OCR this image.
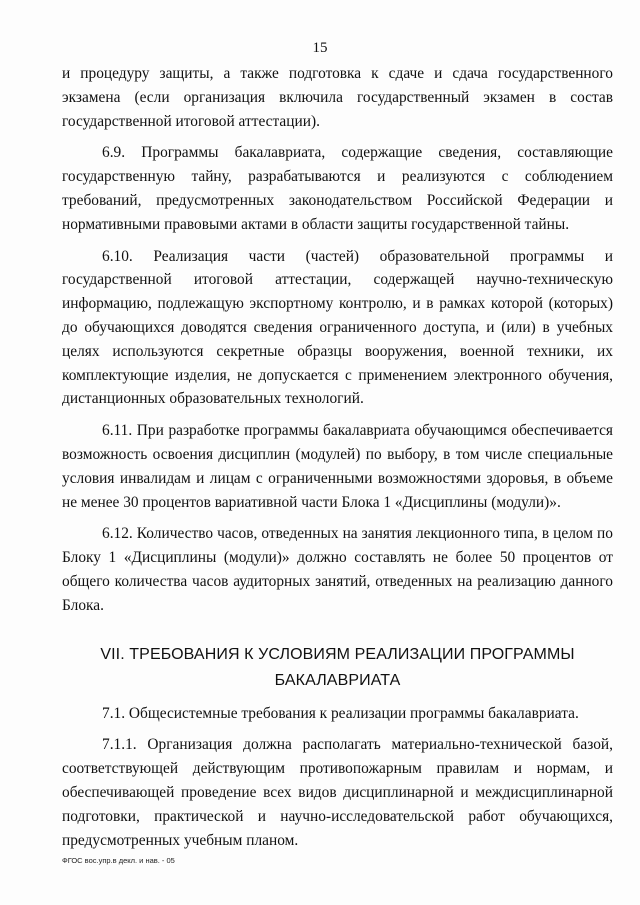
15

и процедуру защиты, а также подготовка к сдаче и сдача государственного экзамена (если организация включила государственный экзамен в состав государственной итоговой аттестации).

6.9. Программы бакалавриата, содержащие сведения, составляющие государственную тайну, разрабатываются и реализуются с соблюдением требований, предусмотренных законодательством Российской Федерации и нормативными правовыми актами в области защиты государственной тайны.

6.10. Реализация части (частей) образовательной программы и государственной итоговой аттестации, содержащей научно-техническую информацию, подлежащую экспортному контролю, и в рамках которой (которых) до обучающихся доводятся сведения ограниченного доступа, и (или) в учебных целях используются секретные образцы вооружения, военной техники, их комплектующие изделия, не допускается с применением электронного обучения, дистанционных образовательных технологий.

6.11. При разработке программы бакалавриата обучающимся обеспечивается возможность освоения дисциплин (модулей) по выбору, в том числе специальные условия инвалидам и лицам с ограниченными возможностями здоровья, в объеме не менее 30 процентов вариативной части Блока 1 «Дисциплины (модули)».

6.12. Количество часов, отведенных на занятия лекционного типа, в целом по Блоку 1 «Дисциплины (модули)» должно составлять не более 50 процентов от общего количества часов аудиторных занятий, отведенных на реализацию данного Блока.

VII. ТРЕБОВАНИЯ К УСЛОВИЯМ РЕАЛИЗАЦИИ ПРОГРАММЫ
БАКАЛАВРИАТА

7.1. Общесистемные требования к реализации программы бакалавриата.

7.1.1. Организация должна располагать материально-технической базой, соответствующей действующим противопожарным правилам и нормам, и обеспечивающей проведение всех видов дисциплинарной и междисциплинарной подготовки, практической и научно-исследовательской работ обучающихся, предусмотренных учебным планом.

ФГОС вос.упр.в декл. и нав. - 05
